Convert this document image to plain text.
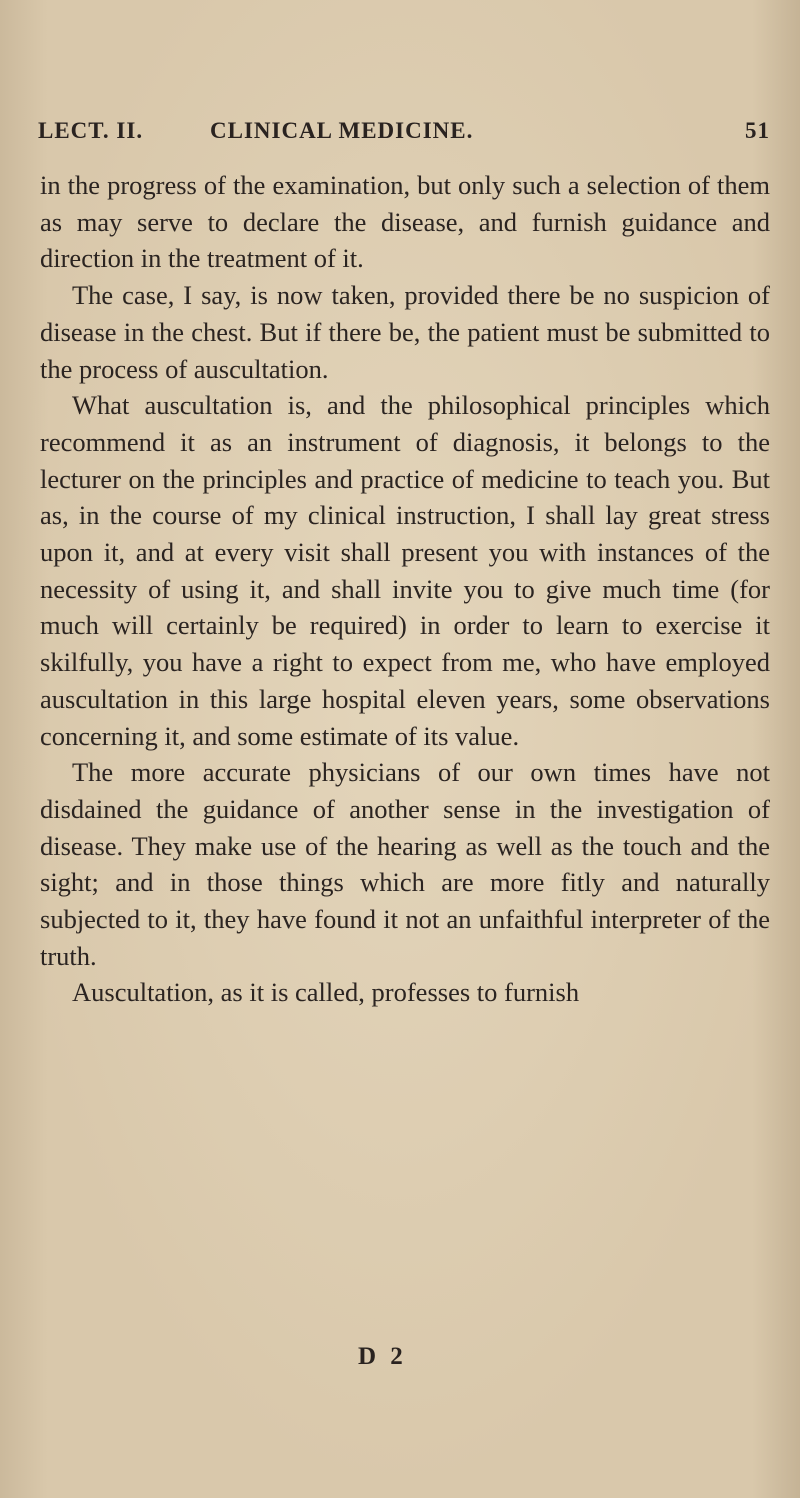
LECT. II.	CLINICAL MEDICINE.	51

in the progress of the examination, but only such a selection of them as may serve to declare the disease, and furnish guidance and direction in the treatment of it.

The case, I say, is now taken, provided there be no suspicion of disease in the chest. But if there be, the patient must be submitted to the process of auscultation.

What auscultation is, and the philosophical principles which recommend it as an instrument of diagnosis, it belongs to the lecturer on the principles and practice of medicine to teach you. But as, in the course of my clinical instruction, I shall lay great stress upon it, and at every visit shall present you with instances of the necessity of using it, and shall invite you to give much time (for much will certainly be required) in order to learn to exercise it skilfully, you have a right to expect from me, who have employed auscultation in this large hospital eleven years, some observations concerning it, and some estimate of its value.

The more accurate physicians of our own times have not disdained the guidance of another sense in the investigation of disease. They make use of the hearing as well as the touch and the sight; and in those things which are more fitly and naturally subjected to it, they have found it not an unfaithful interpreter of the truth.

Auscultation, as it is called, professes to furnish

D 2
